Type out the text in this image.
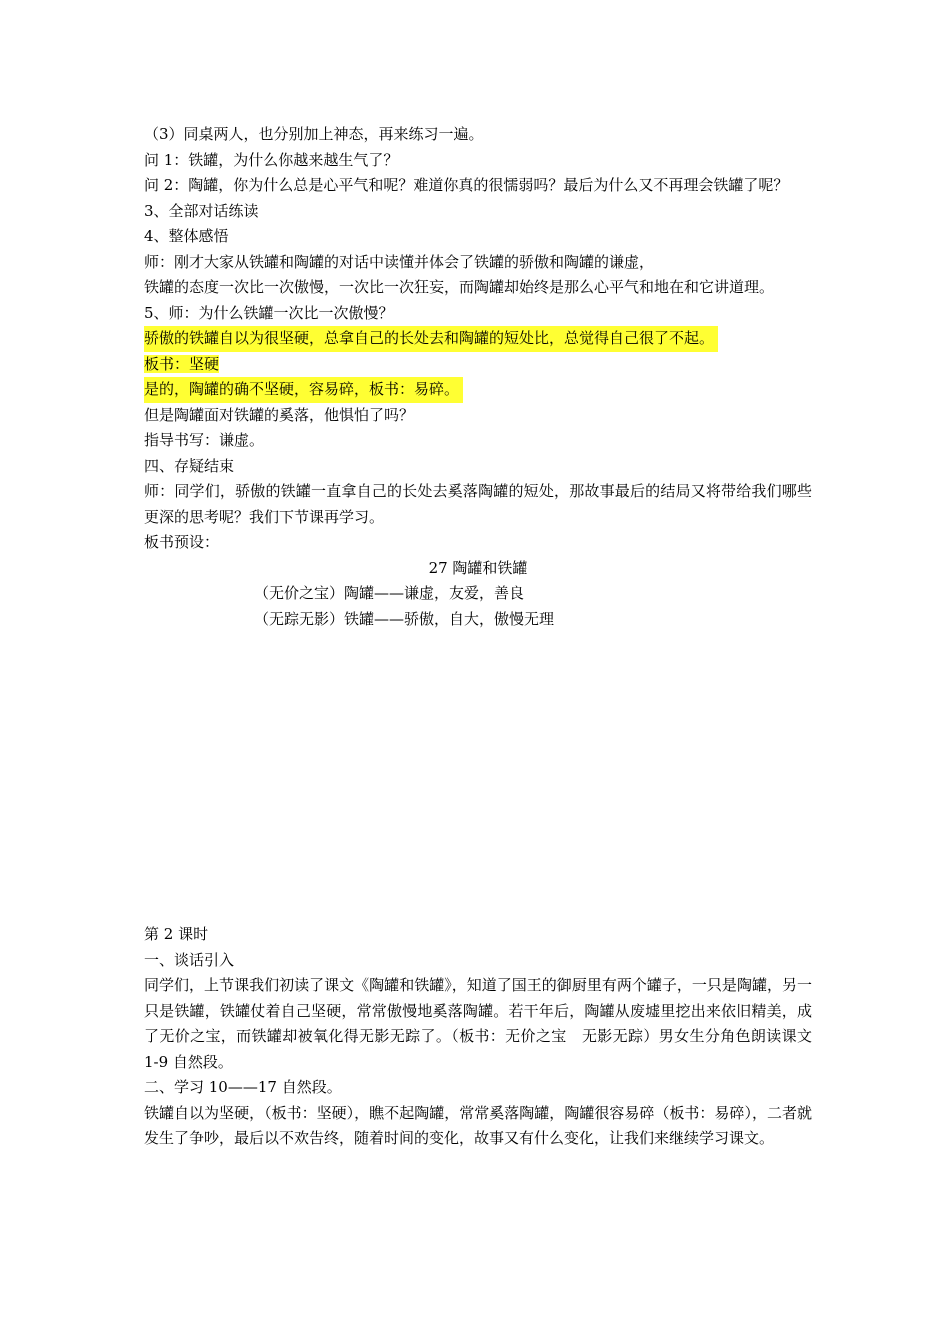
（3）同桌两人，也分别加上神态，再来练习一遍。
问 1：铁罐，为什么你越来越生气了？
问 2：陶罐，你为什么总是心平气和呢？难道你真的很懦弱吗？最后为什么又不再理会铁罐了呢？
3、全部对话练读
4、整体感悟
师：刚才大家从铁罐和陶罐的对话中读懂并体会了铁罐的骄傲和陶罐的谦虚，
铁罐的态度一次比一次傲慢，一次比一次狂妄，而陶罐却始终是那么心平气和地在和它讲道理。
5、师：为什么铁罐一次比一次傲慢？
骄傲的铁罐自以为很坚硬，总拿自己的长处去和陶罐的短处比，总觉得自己很了不起。
板书：坚硬
是的，陶罐的确不坚硬，容易碎，板书：易碎。
但是陶罐面对铁罐的奚落，他惧怕了吗？
指导书写：谦虚。
四、存疑结束
师：同学们，骄傲的铁罐一直拿自己的长处去奚落陶罐的短处，那故事最后的结局又将带给我们哪些更深的思考呢？我们下节课再学习。
板书预设：
27 陶罐和铁罐
（无价之宝）陶罐——谦虚，友爱，善良
（无踪无影）铁罐——骄傲，自大，傲慢无理
第 2 课时
一、谈话引入
同学们，上节课我们初读了课文《陶罐和铁罐》，知道了国王的御厨里有两个罐子，一只是陶罐，另一只是铁罐，铁罐仗着自己坚硬，常常傲慢地奚落陶罐。若干年后，陶罐从废墟里挖出来依旧精美，成了无价之宝，而铁罐却被氧化得无影无踪了。（板书：无价之宝　无影无踪）男女生分角色朗读课文 1-9 自然段。
二、学习 10——17 自然段。
铁罐自以为坚硬，（板书：坚硬），瞧不起陶罐，常常奚落陶罐，陶罐很容易碎（板书：易碎），二者就发生了争吵，最后以不欢告终，随着时间的变化，故事又有什么变化，让我们来继续学习课文。
